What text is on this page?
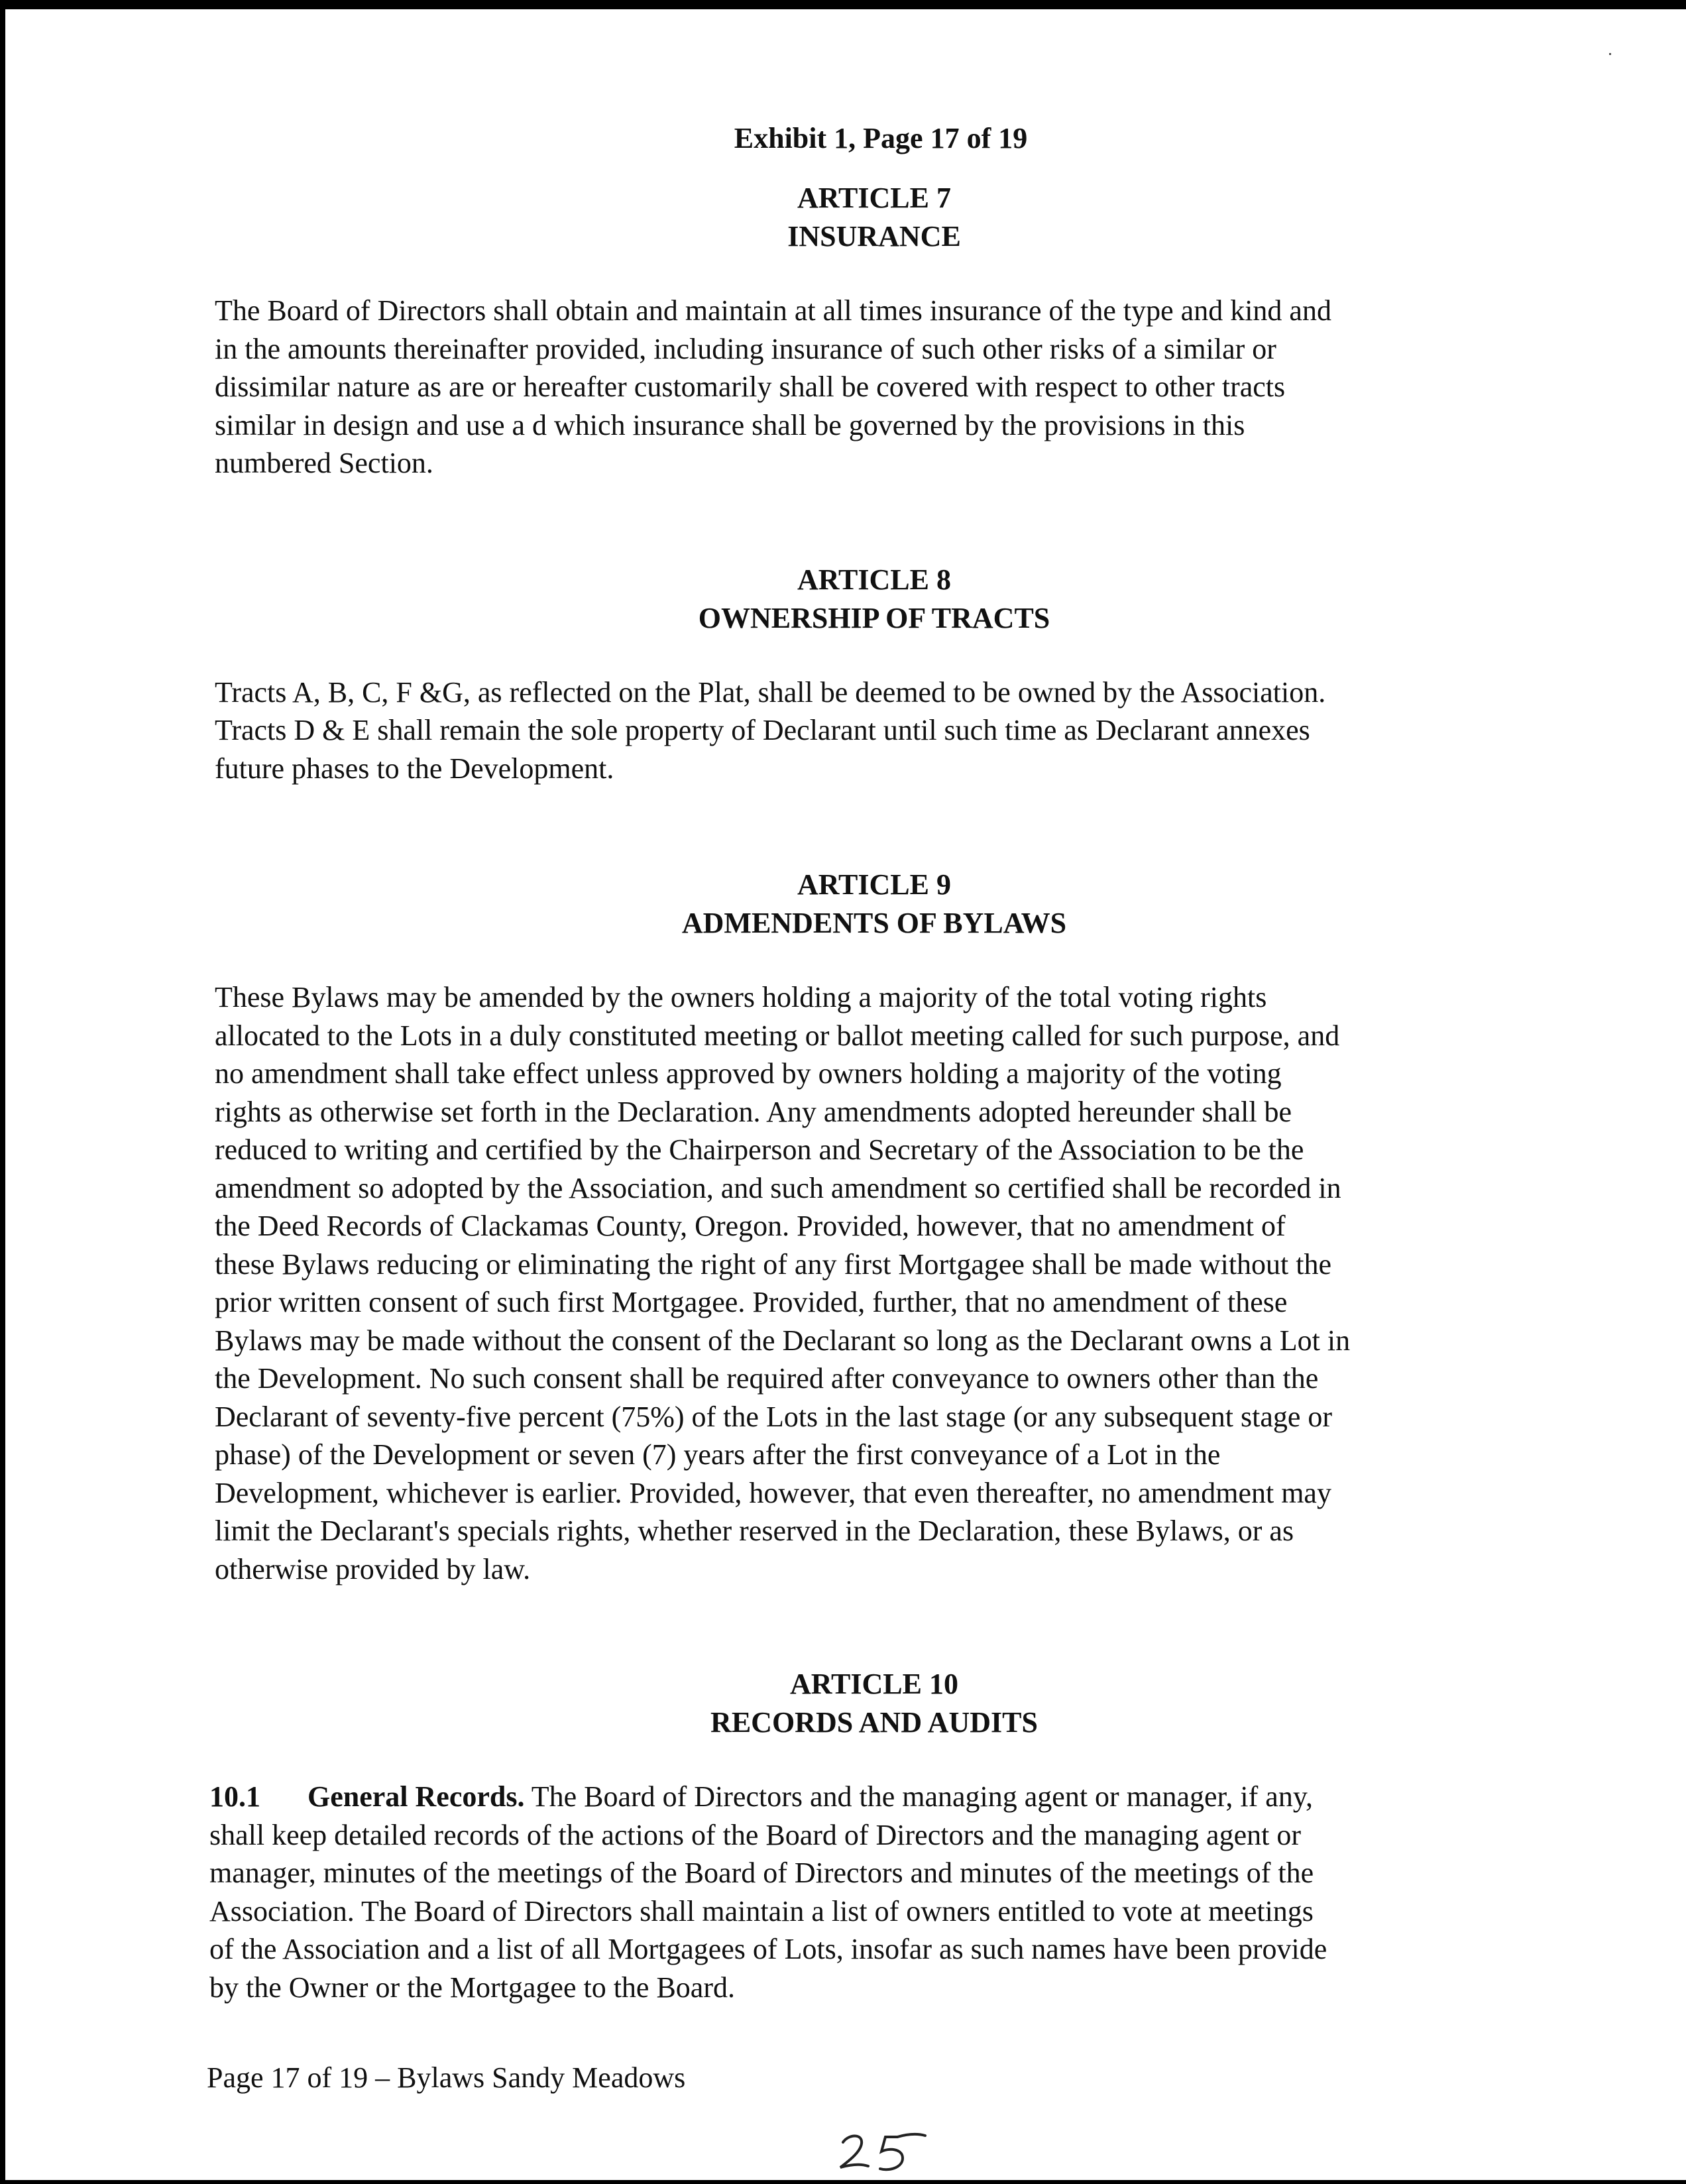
Exhibit 1, Page 17 of 19

ARTICLE 7

INSURANCE

The Board of Directors shall obtain and maintain at all times insurance of the type and kind and
in the amounts thereinafter provided, including insurance of such other risks of a similar or
dissimilar nature as are or hereafter customarily shall be covered with respect to other tracts
similar in design and use a d which insurance shall be governed by the provisions in this
numbered Section.

ARTICLE 8

OWNERSHIP OF TRACTS

Tracts A, B, C, F &G, as reflected on the Plat, shall be deemed to be owned by the Association.
Tracts D & E shall remain the sole property of Declarant until such time as Declarant annexes
future phases to the Development.

ARTICLE 9

ADMENDENTS OF BYLAWS

These Bylaws may be amended by the owners holding a majority of the total voting rights
allocated to the Lots in a duly constituted meeting or ballot meeting called for such purpose, and
no amendment shall take effect unless approved by owners holding a majority of the voting
rights as otherwise set forth in the Declaration. Any amendments adopted hereunder shall be
reduced to writing and certified by the Chairperson and Secretary of the Association to be the
amendment so adopted by the Association, and such amendment so certified shall be recorded in
the Deed Records of Clackamas County, Oregon. Provided, however, that no amendment of
these Bylaws reducing or eliminating the right of any first Mortgagee shall be made without the
prior written consent of such first Mortgagee. Provided, further, that no amendment of these
Bylaws may be made without the consent of the Declarant so long as the Declarant owns a Lot in
the Development. No such consent shall be required after conveyance to owners other than the
Declarant of seventy-five percent (75%) of the Lots in the last stage (or any subsequent stage or
phase) of the Development or seven (7) years after the first conveyance of a Lot in the
Development, whichever is earlier. Provided, however, that even thereafter, no amendment may
limit the Declarant's specials rights, whether reserved in the Declaration, these Bylaws, or as
otherwise provided by law.

ARTICLE 10

RECORDS AND AUDITS

10.1 General Records. The Board of Directors and the managing agent or manager, if any,
shall keep detailed records of the actions of the Board of Directors and the managing agent or
manager, minutes of the meetings of the Board of Directors and minutes of the meetings of the
Association. The Board of Directors shall maintain a list of owners entitled to vote at meetings
of the Association and a list of all Mortgagees of Lots, insofar as such names have been provide
by the Owner or the Mortgagee to the Board.

Page 17 of 19 – Bylaws Sandy Meadows
